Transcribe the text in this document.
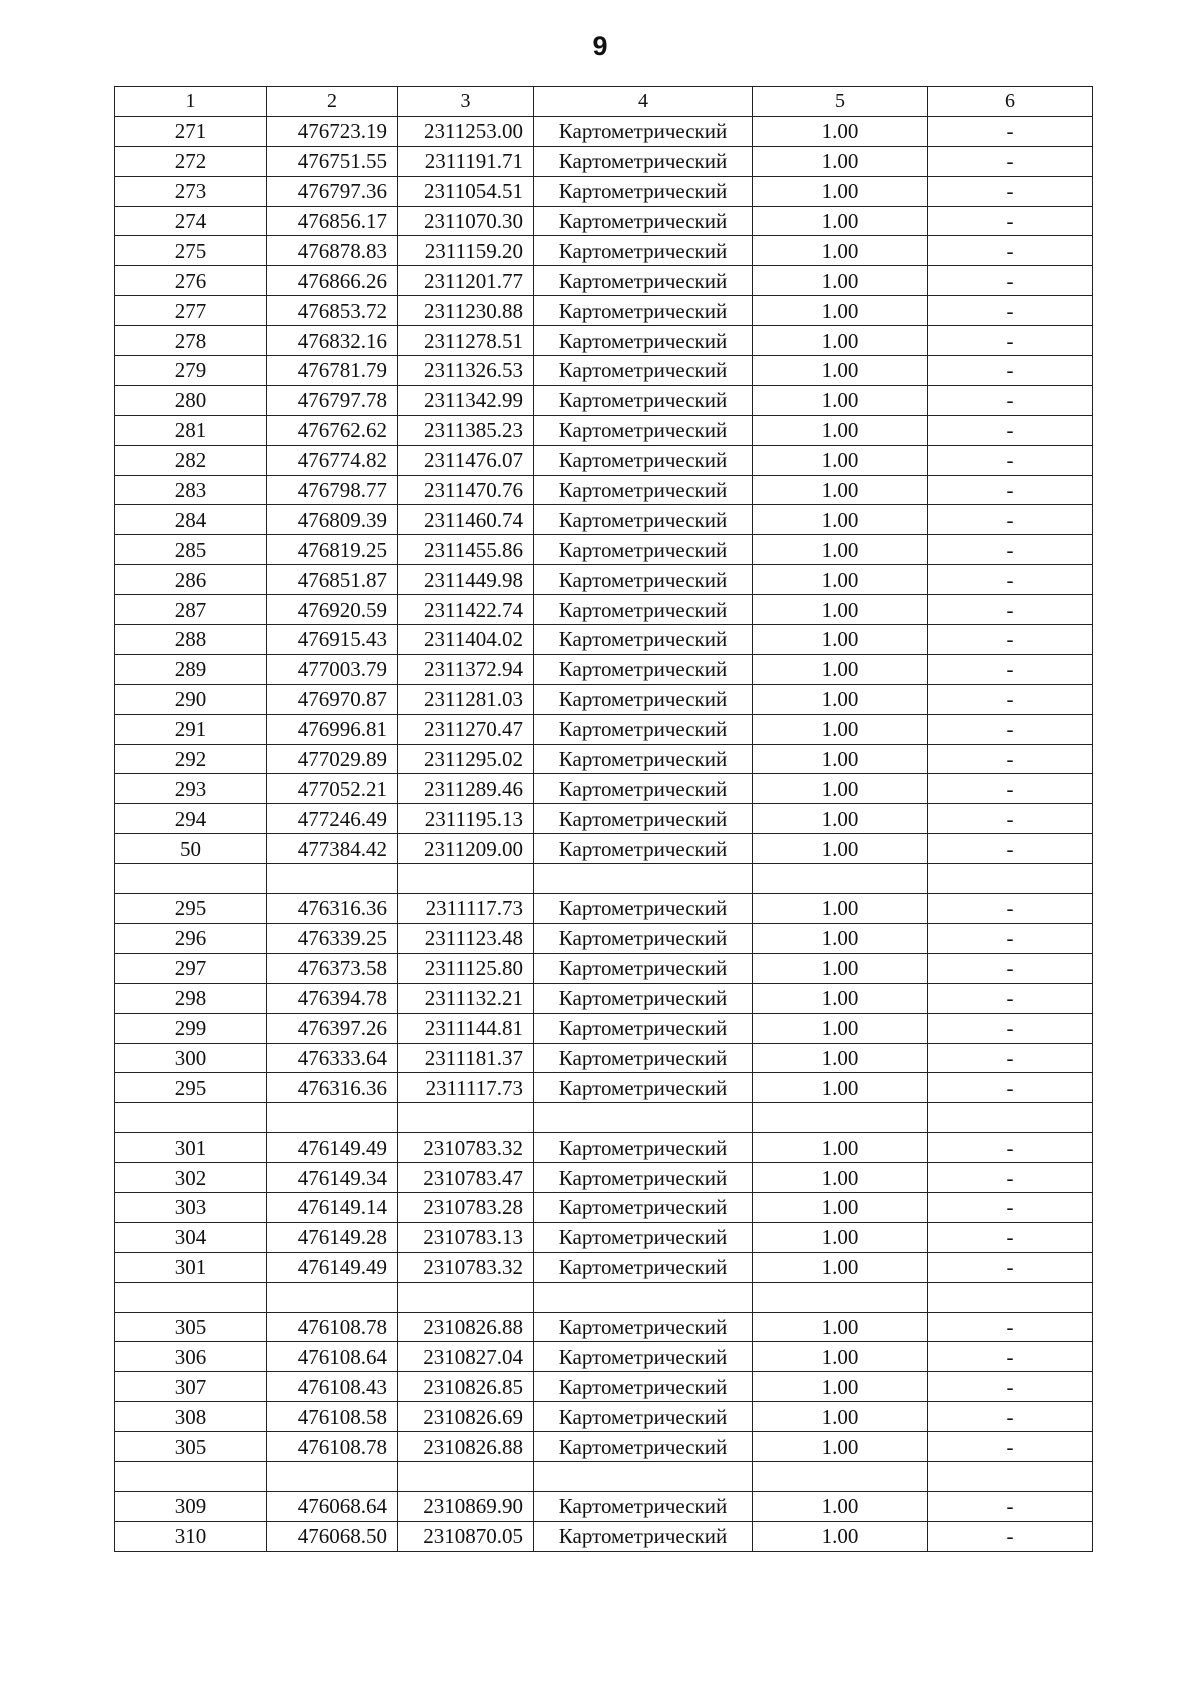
9
1	2	3	4	5	6
271	476723.19	2311253.00	Картометрический	1.00	-
272	476751.55	2311191.71	Картометрический	1.00	-
273	476797.36	2311054.51	Картометрический	1.00	-
274	476856.17	2311070.30	Картометрический	1.00	-
275	476878.83	2311159.20	Картометрический	1.00	-
276	476866.26	2311201.77	Картометрический	1.00	-
277	476853.72	2311230.88	Картометрический	1.00	-
278	476832.16	2311278.51	Картометрический	1.00	-
279	476781.79	2311326.53	Картометрический	1.00	-
280	476797.78	2311342.99	Картометрический	1.00	-
281	476762.62	2311385.23	Картометрический	1.00	-
282	476774.82	2311476.07	Картометрический	1.00	-
283	476798.77	2311470.76	Картометрический	1.00	-
284	476809.39	2311460.74	Картометрический	1.00	-
285	476819.25	2311455.86	Картометрический	1.00	-
286	476851.87	2311449.98	Картометрический	1.00	-
287	476920.59	2311422.74	Картометрический	1.00	-
288	476915.43	2311404.02	Картометрический	1.00	-
289	477003.79	2311372.94	Картометрический	1.00	-
290	476970.87	2311281.03	Картометрический	1.00	-
291	476996.81	2311270.47	Картометрический	1.00	-
292	477029.89	2311295.02	Картометрический	1.00	-
293	477052.21	2311289.46	Картометрический	1.00	-
294	477246.49	2311195.13	Картометрический	1.00	-
50	477384.42	2311209.00	Картометрический	1.00	-

295	476316.36	2311117.73	Картометрический	1.00	-
296	476339.25	2311123.48	Картометрический	1.00	-
297	476373.58	2311125.80	Картометрический	1.00	-
298	476394.78	2311132.21	Картометрический	1.00	-
299	476397.26	2311144.81	Картометрический	1.00	-
300	476333.64	2311181.37	Картометрический	1.00	-
295	476316.36	2311117.73	Картометрический	1.00	-

301	476149.49	2310783.32	Картометрический	1.00	-
302	476149.34	2310783.47	Картометрический	1.00	-
303	476149.14	2310783.28	Картометрический	1.00	-
304	476149.28	2310783.13	Картометрический	1.00	-
301	476149.49	2310783.32	Картометрический	1.00	-

305	476108.78	2310826.88	Картометрический	1.00	-
306	476108.64	2310827.04	Картометрический	1.00	-
307	476108.43	2310826.85	Картометрический	1.00	-
308	476108.58	2310826.69	Картометрический	1.00	-
305	476108.78	2310826.88	Картометрический	1.00	-

309	476068.64	2310869.90	Картометрический	1.00	-
310	476068.50	2310870.05	Картометрический	1.00	-
